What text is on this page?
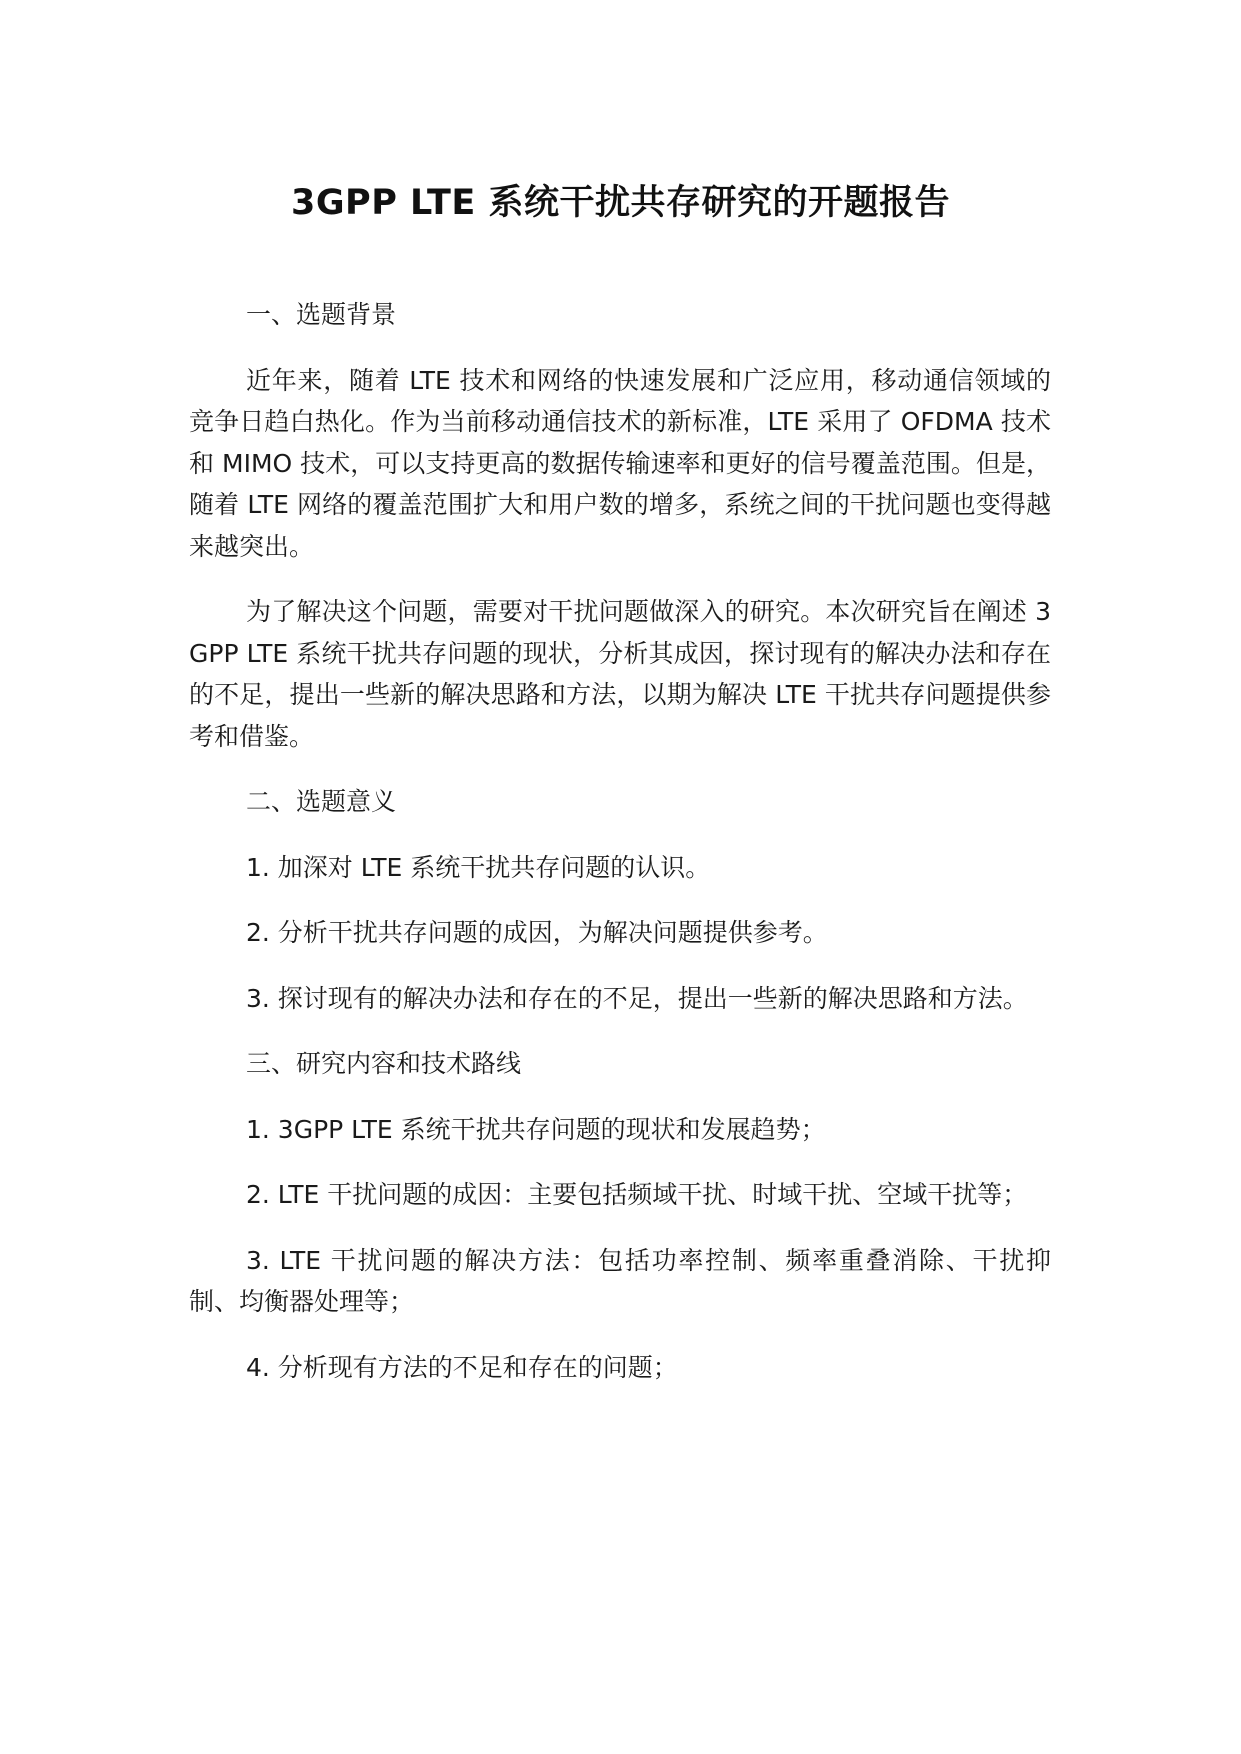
3GPP LTE 系统干扰共存研究的开题报告

一、选题背景

近年来，随着 LTE 技术和网络的快速发展和广泛应用，移动通信领域的竞争日趋白热化。作为当前移动通信技术的新标准，LTE 采用了 OFDMA 技术和 MIMO 技术，可以支持更高的数据传输速率和更好的信号覆盖范围。但是，随着 LTE 网络的覆盖范围扩大和用户数的增多，系统之间的干扰问题也变得越来越突出。

为了解决这个问题，需要对干扰问题做深入的研究。本次研究旨在阐述 3GPP LTE 系统干扰共存问题的现状，分析其成因，探讨现有的解决办法和存在的不足，提出一些新的解决思路和方法，以期为解决 LTE 干扰共存问题提供参考和借鉴。

二、选题意义

1. 加深对 LTE 系统干扰共存问题的认识。

2. 分析干扰共存问题的成因，为解决问题提供参考。

3. 探讨现有的解决办法和存在的不足，提出一些新的解决思路和方法。

三、研究内容和技术路线

1. 3GPP LTE 系统干扰共存问题的现状和发展趋势；

2. LTE 干扰问题的成因：主要包括频域干扰、时域干扰、空域干扰等；

3. LTE 干扰问题的解决方法：包括功率控制、频率重叠消除、干扰抑制、均衡器处理等；

4. 分析现有方法的不足和存在的问题；
